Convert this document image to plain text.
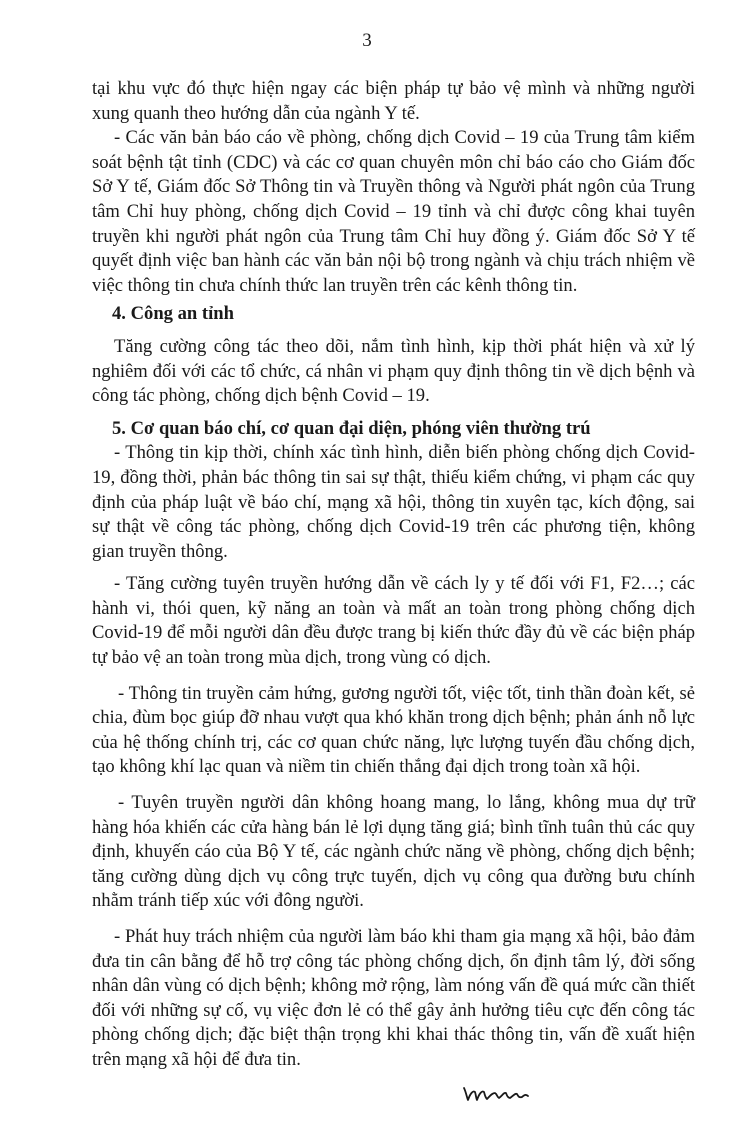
3

tại khu vực đó thực hiện ngay các biện pháp tự bảo vệ mình và những người xung quanh theo hướng dẫn của ngành Y tế.

- Các văn bản báo cáo về phòng, chống dịch Covid – 19 của Trung tâm kiểm soát bệnh tật tỉnh (CDC) và các cơ quan chuyên môn chỉ báo cáo cho Giám đốc Sở Y tế, Giám đốc Sở Thông tin và Truyền thông và Người phát ngôn của Trung tâm Chỉ huy phòng, chống dịch Covid – 19 tỉnh và chỉ được công khai tuyên truyền khi người phát ngôn của Trung tâm Chỉ huy đồng ý. Giám đốc Sở Y tế quyết định việc ban hành các văn bản nội bộ trong ngành và chịu trách nhiệm về việc thông tin chưa chính thức lan truyền trên các kênh thông tin.

4. Công an tỉnh

Tăng cường công tác theo dõi, nắm tình hình, kịp thời phát hiện và xử lý nghiêm đối với các tổ chức, cá nhân vi phạm quy định thông tin về dịch bệnh và công tác phòng, chống dịch bệnh Covid – 19.

5. Cơ quan báo chí, cơ quan đại diện, phóng viên thường trú

- Thông tin kịp thời, chính xác tình hình, diễn biến phòng chống dịch Covid-19, đồng thời, phản bác thông tin sai sự thật, thiếu kiểm chứng, vi phạm các quy định của pháp luật về báo chí, mạng xã hội, thông tin xuyên tạc, kích động, sai sự thật về công tác phòng, chống dịch Covid-19 trên các phương tiện, không gian truyền thông.

- Tăng cường tuyên truyền hướng dẫn về cách ly y tế đối với F1, F2…; các hành vi, thói quen, kỹ năng an toàn và mất an toàn trong phòng chống dịch Covid-19 để mỗi người dân đều được trang bị kiến thức đầy đủ về các biện pháp tự bảo vệ an toàn trong mùa dịch, trong vùng có dịch.

- Thông tin truyền cảm hứng, gương người tốt, việc tốt, tinh thần đoàn kết, sẻ chia, đùm bọc giúp đỡ nhau vượt qua khó khăn trong dịch bệnh; phản ánh nỗ lực của hệ thống chính trị, các cơ quan chức năng, lực lượng tuyến đầu chống dịch, tạo không khí lạc quan và niềm tin chiến thắng đại dịch trong toàn xã hội.

- Tuyên truyền người dân không hoang mang, lo lắng, không mua dự trữ hàng hóa khiến các cửa hàng bán lẻ lợi dụng tăng giá; bình tĩnh tuân thủ các quy định, khuyến cáo của Bộ Y tế, các ngành chức năng về phòng, chống dịch bệnh; tăng cường dùng dịch vụ công trực tuyến, dịch vụ công qua đường bưu chính nhằm tránh tiếp xúc với đông người.

- Phát huy trách nhiệm của người làm báo khi tham gia mạng xã hội, bảo đảm đưa tin cân bằng để hỗ trợ công tác phòng chống dịch, ổn định tâm lý, đời sống nhân dân vùng có dịch bệnh; không mở rộng, làm nóng vấn đề quá mức cần thiết đối với những sự cố, vụ việc đơn lẻ có thể gây ảnh hưởng tiêu cực đến công tác phòng chống dịch; đặc biệt thận trọng khi khai thác thông tin, vấn đề xuất hiện trên mạng xã hội để đưa tin.
